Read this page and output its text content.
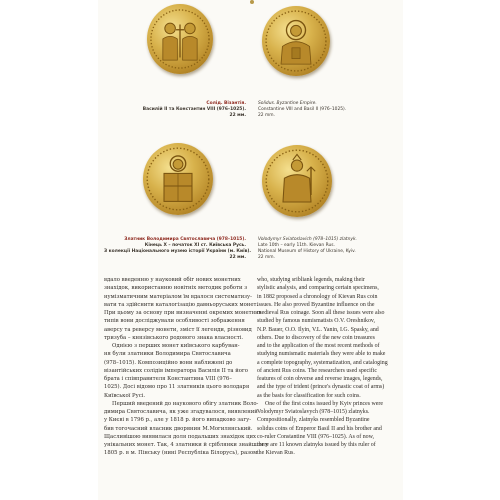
Солід. Візантія.
Василій II та Константин VIII (976–1025).
22 мм.
Solidus. Byzantine Empire.
Constantine VIII and Basil II (976–1025).
22 mm.
Златник Володимира Святославича (978–1015).
Кінець X – початок XI ст. Київська Русь.
З колекції Національного музею історії України (м. Київ).
22 мм.
Volodymyr Sviatoslavich (978–1015) zlatnyk.
Late 10th – early 11th. Kievan Rus.
National Museum of History of Ukraine, Kyiv.
22 mm.
вдало введенню у науковий обіг нових монетних
знахідок, використанню новітніх методик роботи з
нумізматичним матеріалом їм вдалося систематизу-
вати та здійснити каталогізацію давньоруських монет.
При цьому за основу при визначенні окремих монетних
типів вони досліджували особливості зображення
аверсу та реверсу монети, зміст її легенди, різновид
тризуба – князівського родового знака власності.
Однією з перших монет київського карбуван-
ня були златники Володимира Святославича
(978–1015). Композиційно вони наближені до
візантійських солідів імператора Василія II та його
брата і співправителя Константина VIII (976–
1025). Досі відомо про 11 златників цього володаря
Київської Русі.
Перший введений до наукового обігу златник Воло-
димира Святославича, як уже згадувалося, виявлений
у Києві в 1796 р., але у 1818 р. його випадково загу-
бив тогочасний власник дворянин М.Могилянський.
Щасливішою виявилася доля подальших знахідок цих
унікальних монет. Так, 4 златники й сріблянки знайшли у
1805 р. в м. Пінську (нині Республіка Білорусь), разом
who, studying sribliank legends, making their
stylistic analysis, and comparing certain specimens,
in 1882 proposed a chronology of Kievan Rus coin
issues. He also proved Byzantine influence on the
medieval Rus coinage. Soon all these issues were also
studied by famous numismatists O.V. Oreshnikov,
N.P. Bauer, O.O. Ilyin, V.L. Yanin, I.G. Spasky, and
others. Due to discovery of the new coin treasures
and to the application of the most recent methods of
studying numismatic materials they were able to make
a complete topography, systematization, and cataloging
of ancient Rus coins. The researchers used specific
features of coin obverse and reverse images, legends,
and the type of trident (prince's dynastic coat of arms)
as the basis for classification for such coins.
One of the first coins issued by Kyiv princes were
Volodymyr Sviatoslavych (978–1015) zlatnyks.
Compositionally, zlatnyks resembled Byzantine
solidus coins of Emperor Basil II and his brother and
co-ruler Constantine VIII (976–1025). As of now,
there are 11 known zlatnyks issued by this ruler of
the Kievan Rus.
